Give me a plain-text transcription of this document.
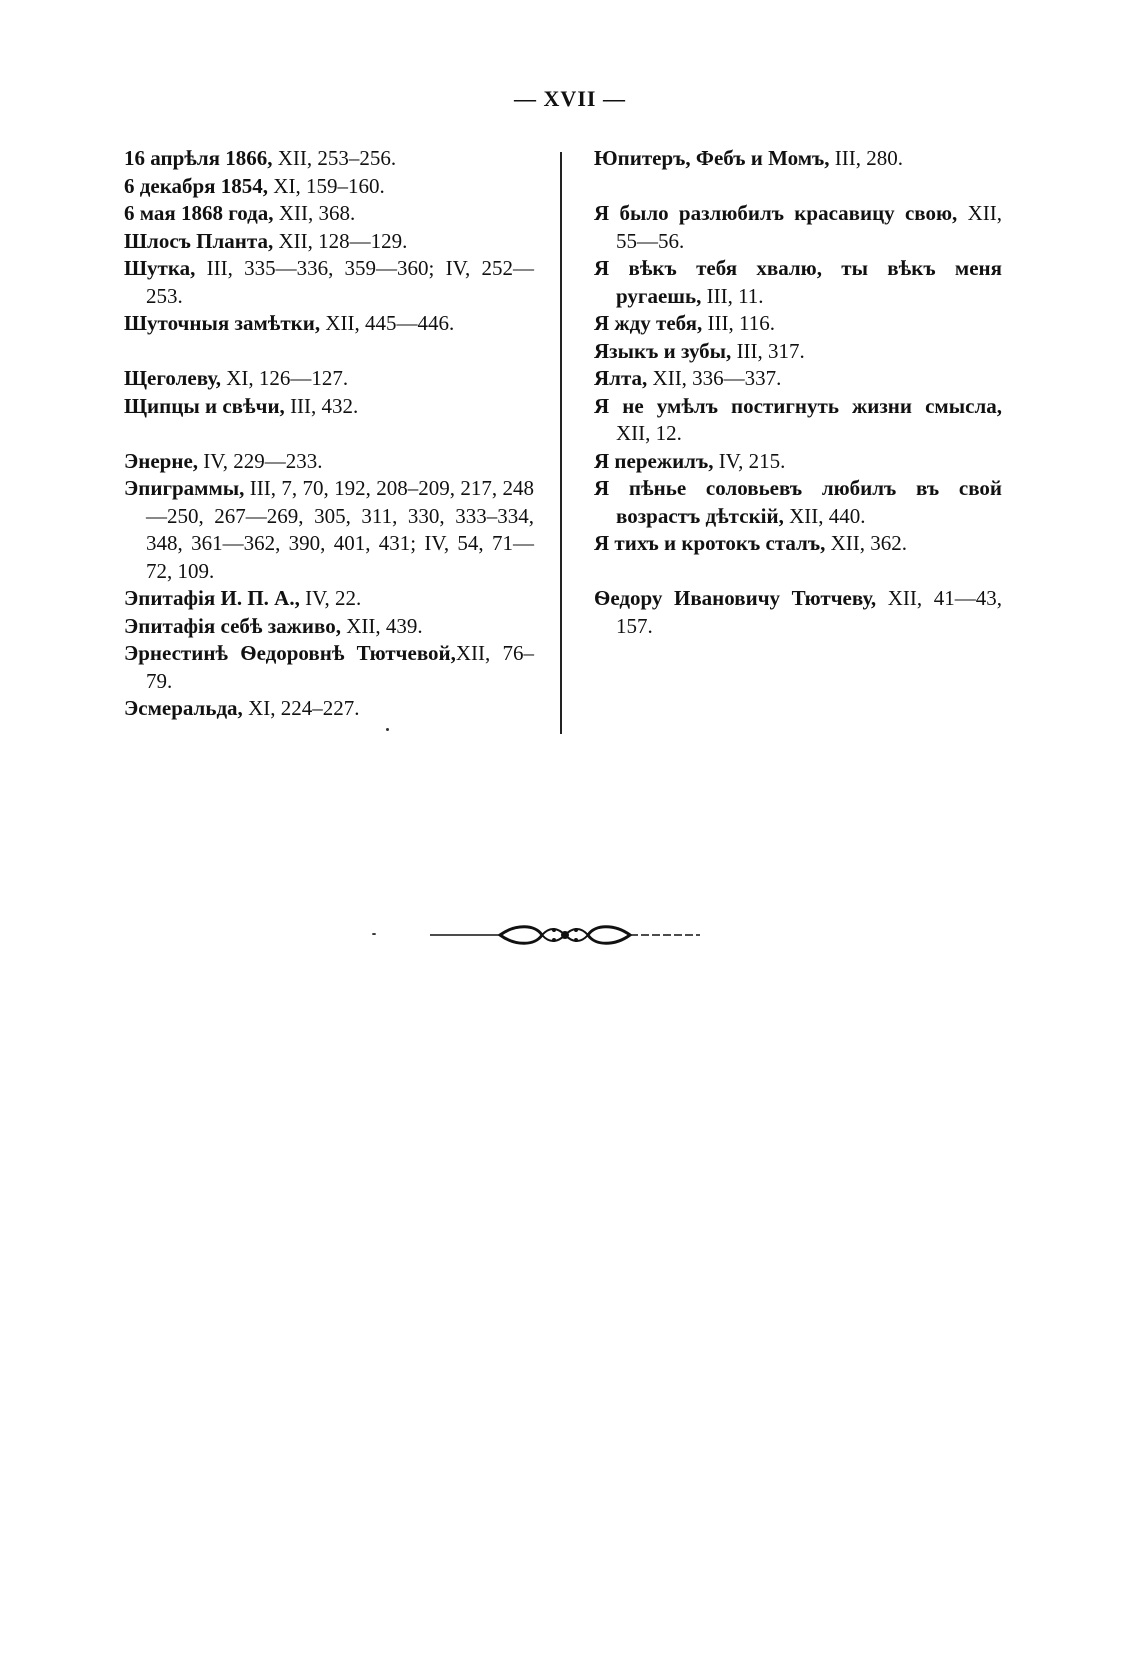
— XVII —
16 апрѣля 1866, XII, 253–256.
6 декабря 1854, XI, 159–160.
6 мая 1868 года, XII, 368.
Шлосъ Планта, XII, 128—129.
Шутка, III, 335—336, 359—360; IV, 252—253.
Шуточныя замѣтки, XII, 445—446.
Щеголеву, XI, 126—127.
Щипцы и свѣчи, III, 432.
Энерне, IV, 229—233.
Эпиграммы, III, 7, 70, 192, 208–209, 217, 248—250, 267—269, 305, 311, 330, 333–334, 348, 361—362, 390, 401, 431; IV, 54, 71—72, 109.
Эпитафія И. П. А., IV, 22.
Эпитафія себѣ заживо, XII, 439.
Эрнестинѣ Ѳедоровнѣ Тютчевой,XII, 76–79.
Эсмеральда, XI, 224–227.
Юпитеръ, Фебъ и Момъ, III, 280.
Я было разлюбилъ красавицу свою, XII, 55—56.
Я вѣкъ тебя хвалю, ты вѣкъ меня ругаешь, III, 11.
Я жду тебя, III, 116.
Языкъ и зубы, III, 317.
Ялта, XII, 336—337.
Я не умѣлъ постигнуть жизни смысла, XII, 12.
Я пережилъ, IV, 215.
Я пѣнье соловьевъ любилъ въ свой возрастъ дѣтскій, XII, 440.
Я тихъ и кротокъ сталъ, XII, 362.
Ѳедору Ивановичу Тютчеву, XII, 41—43, 157.
